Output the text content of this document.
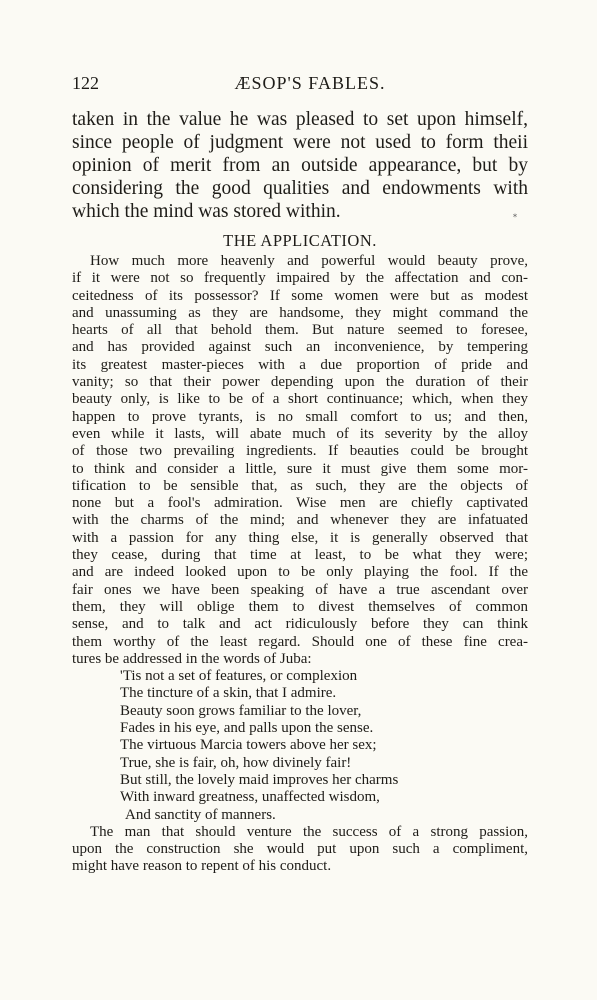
122	ÆSOP'S FABLES.
taken in the value he was pleased to set upon himself,
since people of judgment were not used to form theii
opinion of merit from an outside appearance, but by
considering the good qualities and endowments with
which the mind was stored within.	*
THE APPLICATION.
How much more heavenly and powerful would beauty prove,
if it were not so frequently impaired by the affectation and con-
ceitedness of its possessor? If some women were but as modest
and unassuming as they are handsome, they might command the
hearts of all that behold them. But nature seemed to foresee,
and has provided against such an inconvenience, by tempering
its greatest master-pieces with a due proportion of pride and
vanity; so that their power depending upon the duration of their
beauty only, is like to be of a short continuance; which, when they
happen to prove tyrants, is no small comfort to us; and then,
even while it lasts, will abate much of its severity by the alloy
of those two prevailing ingredients. If beauties could be brought
to think and consider a little, sure it must give them some mor-
tification to be sensible that, as such, they are the objects of
none but a fool's admiration. Wise men are chiefly captivated
with the charms of the mind; and whenever they are infatuated
with a passion for any thing else, it is generally observed that
they cease, during that time at least, to be what they were;
and are indeed looked upon to be only playing the fool. If the
fair ones we have been speaking of have a true ascendant over
them, they will oblige them to divest themselves of common
sense, and to talk and act ridiculously before they can think
them worthy of the least regard. Should one of these fine crea-
tures be addressed in the words of Juba:
'Tis not a set of features, or complexion
The tincture of a skin, that I admire.
Beauty soon grows familiar to the lover,
Fades in his eye, and palls upon the sense.
The virtuous Marcia towers above her sex;
True, she is fair, oh, how divinely fair!
But still, the lovely maid improves her charms
With inward greatness, unaffected wisdom,
And sanctity of manners.
The man that should venture the success of a strong passion,
upon the construction she would put upon such a compliment,
might have reason to repent of his conduct.
